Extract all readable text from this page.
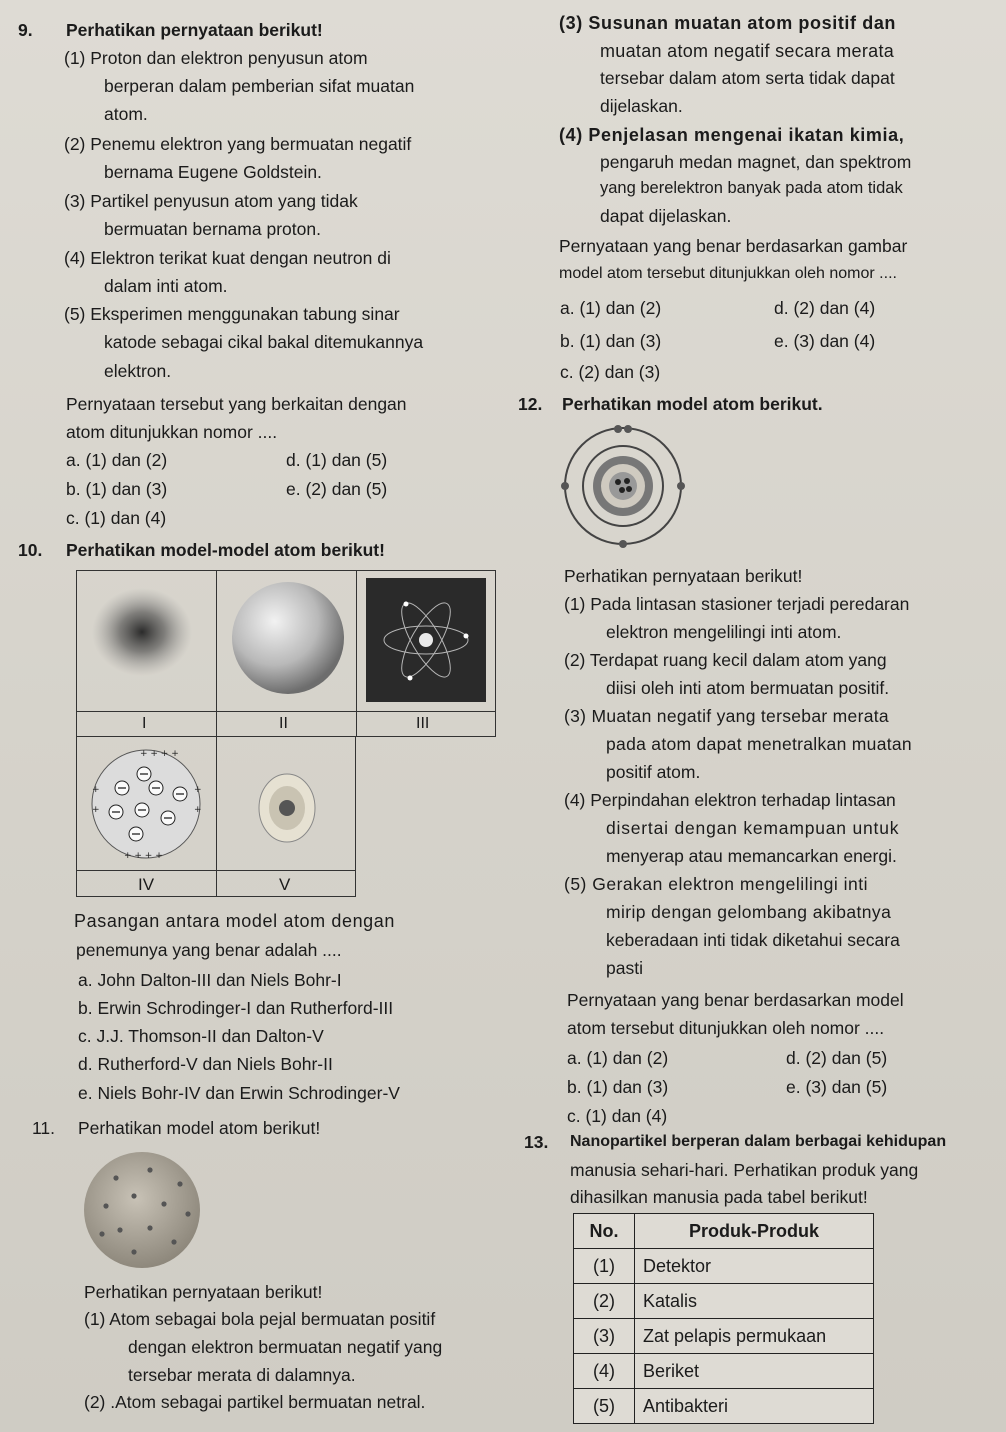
9. Perhatikan pernyataan berikut!
(1) Proton dan elektron penyusun atom
berperan dalam pemberian sifat muatan
atom.
(2) Penemu elektron yang bermuatan negatif
bernama Eugene Goldstein.
(3) Partikel penyusun atom yang tidak
bermuatan bernama proton.
(4) Elektron terikat kuat dengan neutron di
dalam inti atom.
(5) Eksperimen menggunakan tabung sinar
katode sebagai cikal bakal ditemukannya
elektron.
Pernyataan tersebut yang berkaitan dengan
atom ditunjukkan nomor ....
a. (1) dan (2)
b. (1) dan (3)
c. (1) dan (4)
d. (1) dan (5)
e. (2) dan (5)
10. Perhatikan model-model atom berikut!
I	II	III
IV	V
+ + + +
+
+
+
+
+ + + +
Pasangan antara model atom dengan
penemunya yang benar adalah ....
a. John Dalton-III dan Niels Bohr-I
b. Erwin Schrodinger-I dan Rutherford-III
c. J.J. Thomson-II dan Dalton-V
d. Rutherford-V dan Niels Bohr-II
e. Niels Bohr-IV dan Erwin Schrodinger-V
11. Perhatikan model atom berikut!
Perhatikan pernyataan berikut!
(1) Atom sebagai bola pejal bermuatan positif
dengan elektron bermuatan negatif yang
tersebar merata di dalamnya.
(2) .Atom sebagai partikel bermuatan netral.
(3) Susunan muatan atom positif dan
muatan atom negatif secara merata
tersebar dalam atom serta tidak dapat
dijelaskan.
(4) Penjelasan mengenai ikatan kimia,
pengaruh medan magnet, dan spektrom
yang berelektron banyak pada atom tidak
dapat dijelaskan.
Pernyataan yang benar berdasarkan gambar
model atom tersebut ditunjukkan oleh nomor ....
a. (1) dan (2)
b. (1) dan (3)
c. (2) dan (3)
d. (2) dan (4)
e. (3) dan (4)
12. Perhatikan model atom berikut.
Perhatikan pernyataan berikut!
(1) Pada lintasan stasioner terjadi peredaran
elektron mengelilingi inti atom.
(2) Terdapat ruang kecil dalam atom yang
diisi oleh inti atom bermuatan positif.
(3) Muatan negatif yang tersebar merata
pada atom dapat menetralkan muatan
positif atom.
(4) Perpindahan elektron terhadap lintasan
disertai dengan kemampuan untuk
menyerap atau memancarkan energi.
(5) Gerakan elektron mengelilingi inti
mirip dengan gelombang akibatnya
keberadaan inti tidak diketahui secara
pasti
Pernyataan yang benar berdasarkan model
atom tersebut ditunjukkan oleh nomor ....
a. (1) dan (2)
b. (1) dan (3)
c. (1) dan (4)
d. (2) dan (5)
e. (3) dan (5)
13. Nanopartikel berperan dalam berbagai kehidupan
manusia sehari-hari. Perhatikan produk yang
dihasilkan manusia pada tabel berikut!
No.	Produk-Produk
(1)	Detektor
(2)	Katalis
(3)	Zat pelapis permukaan
(4)	Beriket
(5)	Antibakteri
